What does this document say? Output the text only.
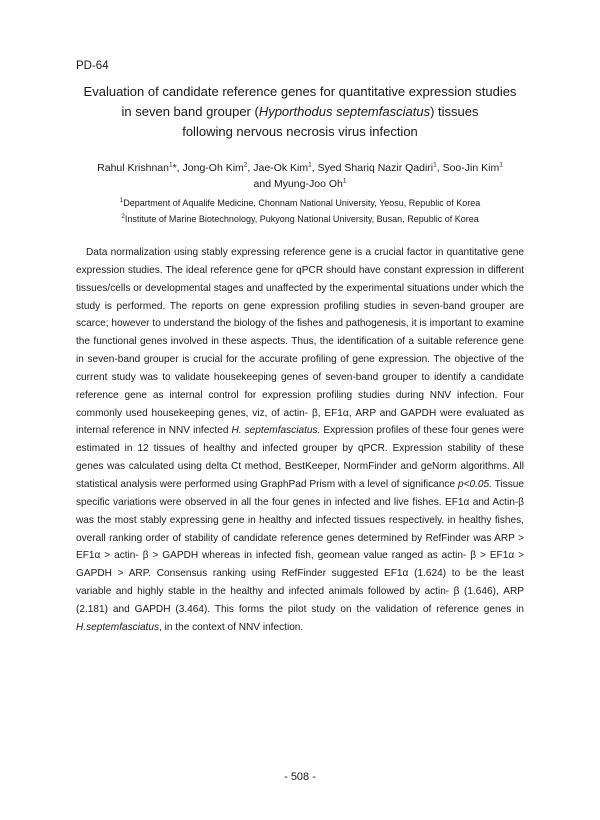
PD-64
Evaluation of candidate reference genes for quantitative expression studies
in seven band grouper (Hyporthodus septemfasciatus) tissues
following nervous necrosis virus infection
Rahul Krishnan$^1$*, Jong-Oh Kim$^2$, Jae-Ok Kim$^1$, Syed Shariq Nazir Qadiri$^1$, Soo-Jin Kim$^1$
and Myung-Joo Oh$^1$
$^1$Department of Aqualife Medicine, Chonnam National University, Yeosu, Republic of Korea
$^2$Institute of Marine Biotechnology, Pukyong National University, Busan, Republic of Korea

Data normalization using stably expressing reference gene is a crucial factor in quantitative gene expression studies. The ideal reference gene for qPCR should have constant expression in different tissues/cells or developmental stages and unaffected by the experimental situations under which the study is performed. The reports on gene expression profiling studies in seven-band grouper are scarce; however to understand the biology of the fishes and pathogenesis, it is important to examine the functional genes involved in these aspects. Thus, the identification of a suitable reference gene in seven-band grouper is crucial for the accurate profiling of gene expression. The objective of the current study was to validate housekeeping genes of seven-band grouper to identify a candidate reference gene as internal control for expression profiling studies during NNV infection. Four commonly used housekeeping genes, viz, of actin- β, EF1α, ARP and GAPDH were evaluated as internal reference in NNV infected H. septemfasciatus. Expression profiles of these four genes were estimated in 12 tissues of healthy and infected grouper by qPCR. Expression stability of these genes was calculated using delta Ct method, BestKeeper, NormFinder and geNorm algorithms. All statistical analysis were performed using GraphPad Prism with a level of significance p<0.05. Tissue specific variations were observed in all the four genes in infected and live fishes. EF1α and Actin-β was the most stably expressing gene in healthy and infected tissues respectively. in healthy fishes, overall ranking order of stability of candidate reference genes determined by RefFinder was ARP > EF1α > actin- β > GAPDH whereas in infected fish, geomean value ranged as actin- β > EF1α > GAPDH > ARP. Consensus ranking using RefFinder suggested EF1α (1.624) to be the least variable and highly stable in the healthy and infected animals followed by actin- β (1.646), ARP (2.181) and GAPDH (3.464). This forms the pilot study on the validation of reference genes in H.septemfasciatus, in the context of NNV infection.

- 508 -
